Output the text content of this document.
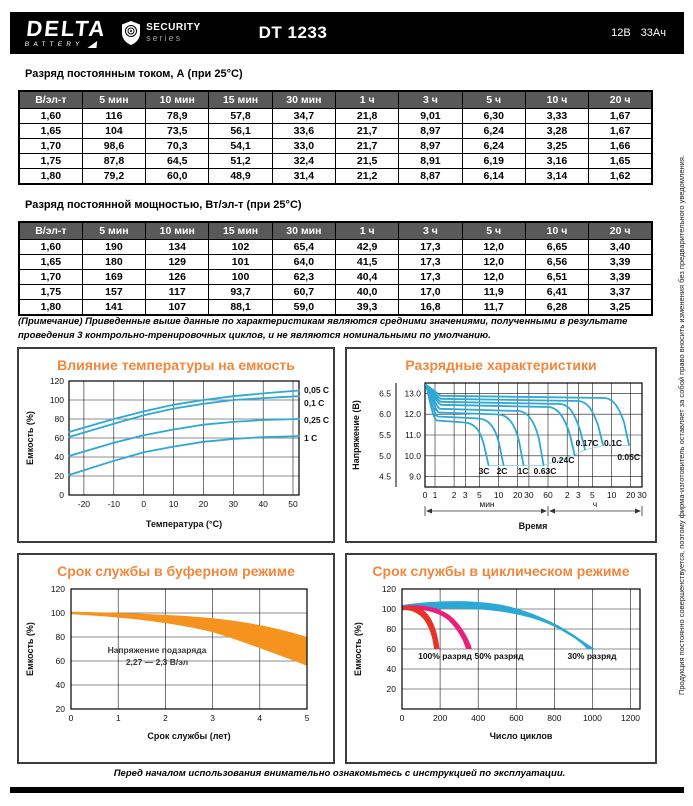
DELTA
BATTERY
SECURITY
series	DT 1233	12В 33Ач
Разряд постоянным током, А (при 25°C)
В/эл-т	5 мин	10 мин	15 мин	30 мин	1 ч	3 ч	5 ч	10 ч	20 ч
1,60	116	78,9	57,8	34,7	21,8	9,01	6,30	3,33	1,67
1,65	104	73,5	56,1	33,6	21,7	8,97	6,24	3,28	1,67
1,70	98,6	70,3	54,1	33,0	21,7	8,97	6,24	3,25	1,66
1,75	87,8	64,5	51,2	32,4	21,5	8,91	6,19	3,16	1,65
1,80	79,2	60,0	48,9	31,4	21,2	8,87	6,14	3,14	1,62
Разряд постоянной мощностью, Вт/эл-т (при 25°C)
В/эл-т	5 мин	10 мин	15 мин	30 мин	1 ч	3 ч	5 ч	10 ч	20 ч
1,60	190	134	102	65,4	42,9	17,3	12,0	6,65	3,40
1,65	180	129	101	64,0	41,5	17,3	12,0	6,56	3,39
1,70	169	126	100	62,3	40,4	17,3	12,0	6,51	3,39
1,75	157	117	93,7	60,7	40,0	17,0	11,9	6,41	3,37
1,80	141	107	88,1	59,0	39,3	16,8	11,7	6,28	3,25

(Примечание) Приведенные выше данные по характеристикам являются средними значениями, полученными в результате проведения 3 контрольно-тренировочных циклов, и не являются номинальными по умолчанию.

Влияние температуры на емкость
0
20
40
60
80
100
120
-20 -10	0	10 20 30 40 50
0,05 C
0,1 C
0,25 C
1 C
Температура (°C)
Емкость (%)
Разрядные характеристики
6.5
6.0
5.5
5.0
4.5
13.0
12.0
11.0
10.0
9.0
3C 2C 1C 0.63C
0.24C
0.17C 0.1C
0.05C
0 1 2 3 5 10 20 30 60 2 3 5 10 20 30
мин	ч
Время
Напряжение (В)
Срок службы в буферном режиме
20
40
60
80
100
120
0	1	2	3	4	5
Напряжение подзаряда
2,27 — 2,3 В/эл
Срок службы (лет)
Емкость (%)
Срок службы в циклическом режиме
20
40
60
80
100
120
0	200	400	600	800	1000 1200
100% разряд 50% разряд	30% разряд
Число циклов
Емкость (%)	Продукция постоянно совершенствуется, поэтому фирма-изготовитель оставляет за собой право вносить изменения без предварительного уведомления.

Перед началом использования внимательно ознакомьтесь с инструкцией по эксплуатации.
